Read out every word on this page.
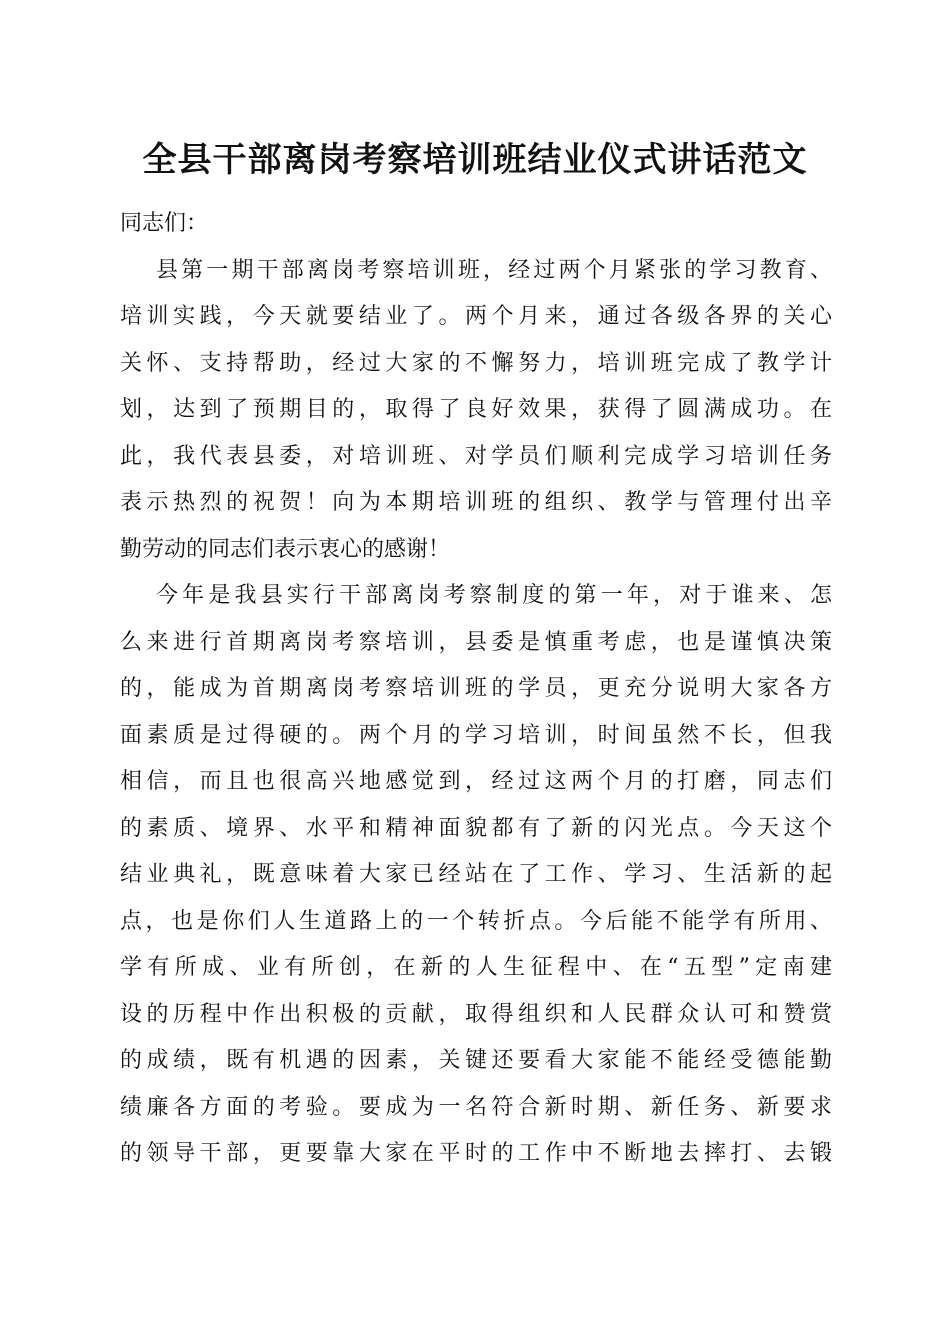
全县干部离岗考察培训班结业仪式讲话范文

同志们：

县第一期干部离岗考察培训班，经过两个月紧张的学习教育、
培训实践，今天就要结业了。两个月来，通过各级各界的关心
关怀、支持帮助，经过大家的不懈努力，培训班完成了教学计
划，达到了预期目的，取得了良好效果，获得了圆满成功。在
此，我代表县委，对培训班、对学员们顺利完成学习培训任务
表示热烈的祝贺！向为本期培训班的组织、教学与管理付出辛
勤劳动的同志们表示衷心的感谢！

今年是我县实行干部离岗考察制度的第一年，对于谁来、怎
么来进行首期离岗考察培训，县委是慎重考虑，也是谨慎决策
的，能成为首期离岗考察培训班的学员，更充分说明大家各方
面素质是过得硬的。两个月的学习培训，时间虽然不长，但我
相信，而且也很高兴地感觉到，经过这两个月的打磨，同志们
的素质、境界、水平和精神面貌都有了新的闪光点。今天这个
结业典礼，既意味着大家已经站在了工作、学习、生活新的起
点，也是你们人生道路上的一个转折点。今后能不能学有所用、
学有所成、业有所创，在新的人生征程中、在“五型”定南建
设的历程中作出积极的贡献，取得组织和人民群众认可和赞赏
的成绩，既有机遇的因素，关键还要看大家能不能经受德能勤
绩廉各方面的考验。要成为一名符合新时期、新任务、新要求
的领导干部，更要靠大家在平时的工作中不断地去摔打、去锻
